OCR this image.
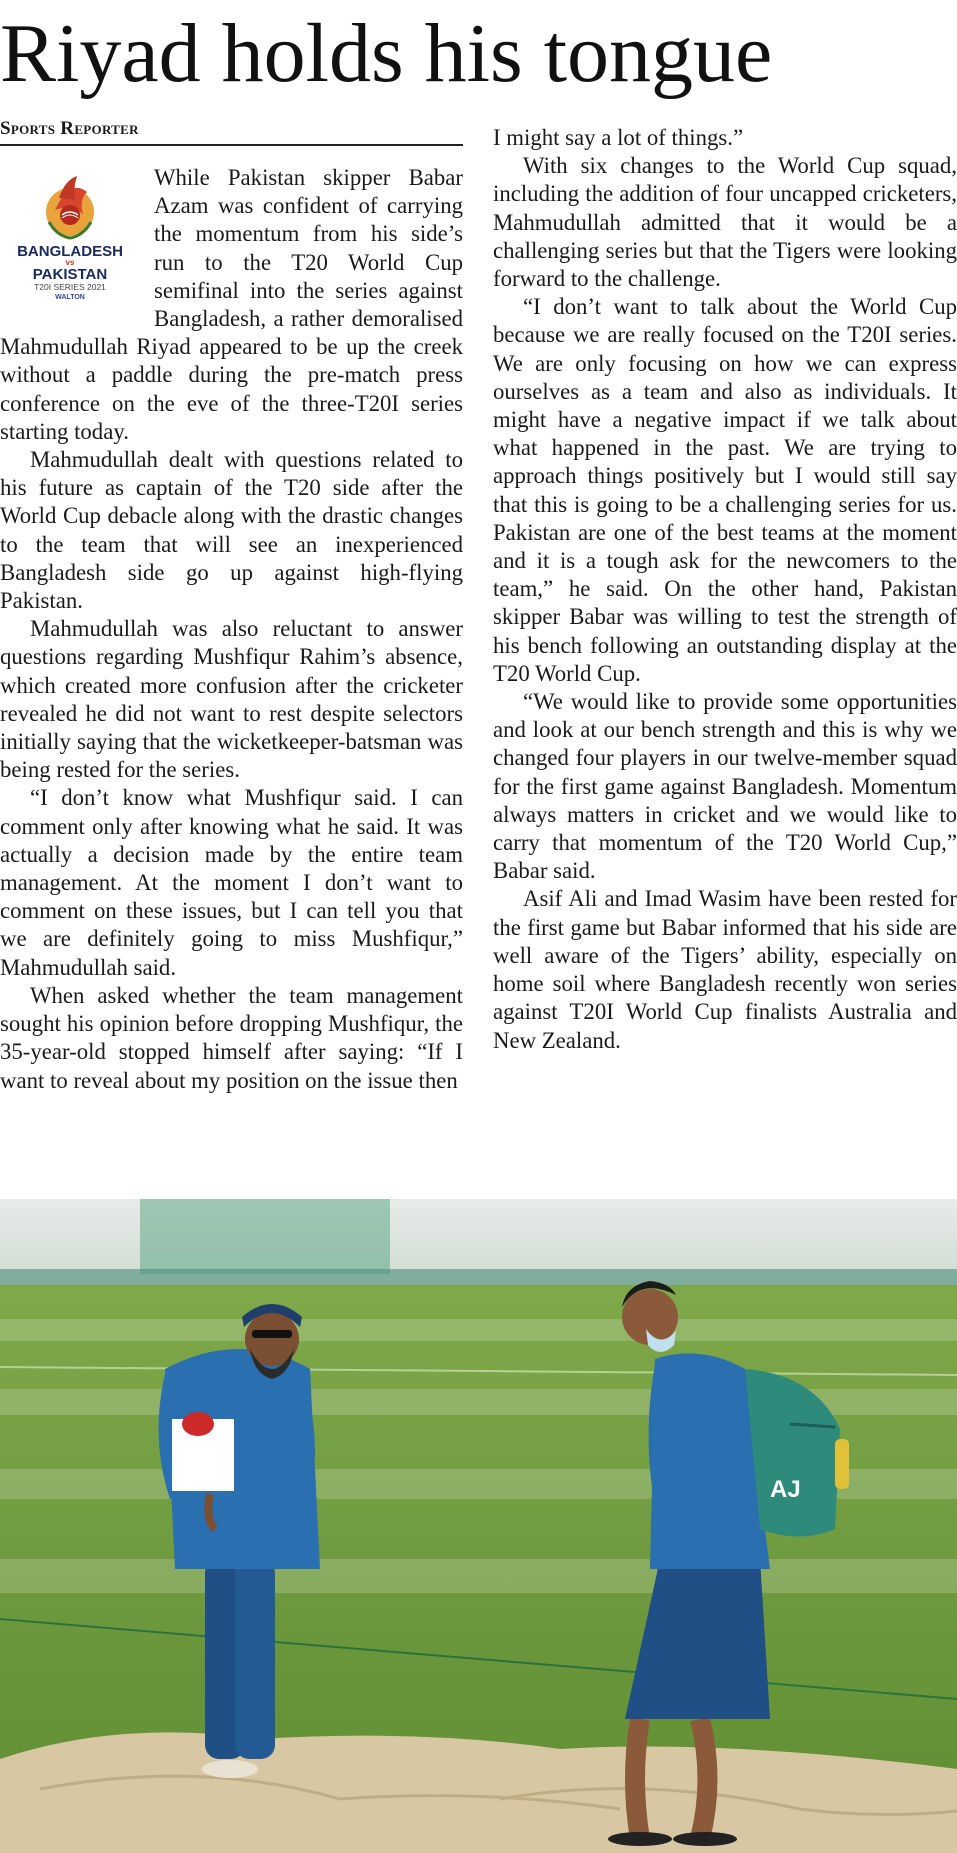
Riyad holds his tongue
Sports Reporter
BANGLADESH
vs
PAKISTAN
T20I SERIES 2021
WALTON

While Pakistan skipper Babar Azam was confident of carrying the momentum from his side’s run to the T20 World Cup semifinal into the series against Bangladesh, a rather demoralised Mahmudullah Riyad appeared to be up the creek without a paddle during the pre-match press conference on the eve of the three-T20I series starting today.

Mahmudullah dealt with questions related to his future as captain of the T20 side after the World Cup debacle along with the drastic changes to the team that will see an inexperienced Bangladesh side go up against high-flying Pakistan.

Mahmudullah was also reluctant to answer questions regarding Mushfiqur Rahim’s absence, which created more confusion after the cricketer revealed he did not want to rest despite selectors initially saying that the wicketkeeper-batsman was being rested for the series.

“I don’t know what Mushfiqur said. I can comment only after knowing what he said. It was actually a decision made by the entire team management. At the moment I don’t want to comment on these issues, but I can tell you that we are definitely going to miss Mushfiqur,” Mahmudullah said.

When asked whether the team management sought his opinion before dropping Mushfiqur, the 35-year-old stopped himself after saying: “If I want to reveal about my position on the issue then

I might say a lot of things.”

With six changes to the World Cup squad, including the addition of four uncapped cricketers, Mahmudullah admitted that it would be a challenging series but that the Tigers were looking forward to the challenge.

“I don’t want to talk about the World Cup because we are really focused on the T20I series. We are only focusing on how we can express ourselves as a team and also as individuals. It might have a negative impact if we talk about what happened in the past. We are trying to approach things positively but I would still say that this is going to be a challenging series for us. Pakistan are one of the best teams at the moment and it is a tough ask for the newcomers to the team,” he said. On the other hand, Pakistan skipper Babar was willing to test the strength of his bench following an outstanding display at the T20 World Cup.

“We would like to provide some opportunities and look at our bench strength and this is why we changed four players in our twelve-member squad for the first game against Bangladesh. Momentum always matters in cricket and we would like to carry that momentum of the T20 World Cup,” Babar said.

Asif Ali and Imad Wasim have been rested for the first game but Babar informed that his side are well aware of the Tigers’ ability, especially on home soil where Bangladesh recently won series against T20I World Cup finalists Australia and New Zealand.

AJ
